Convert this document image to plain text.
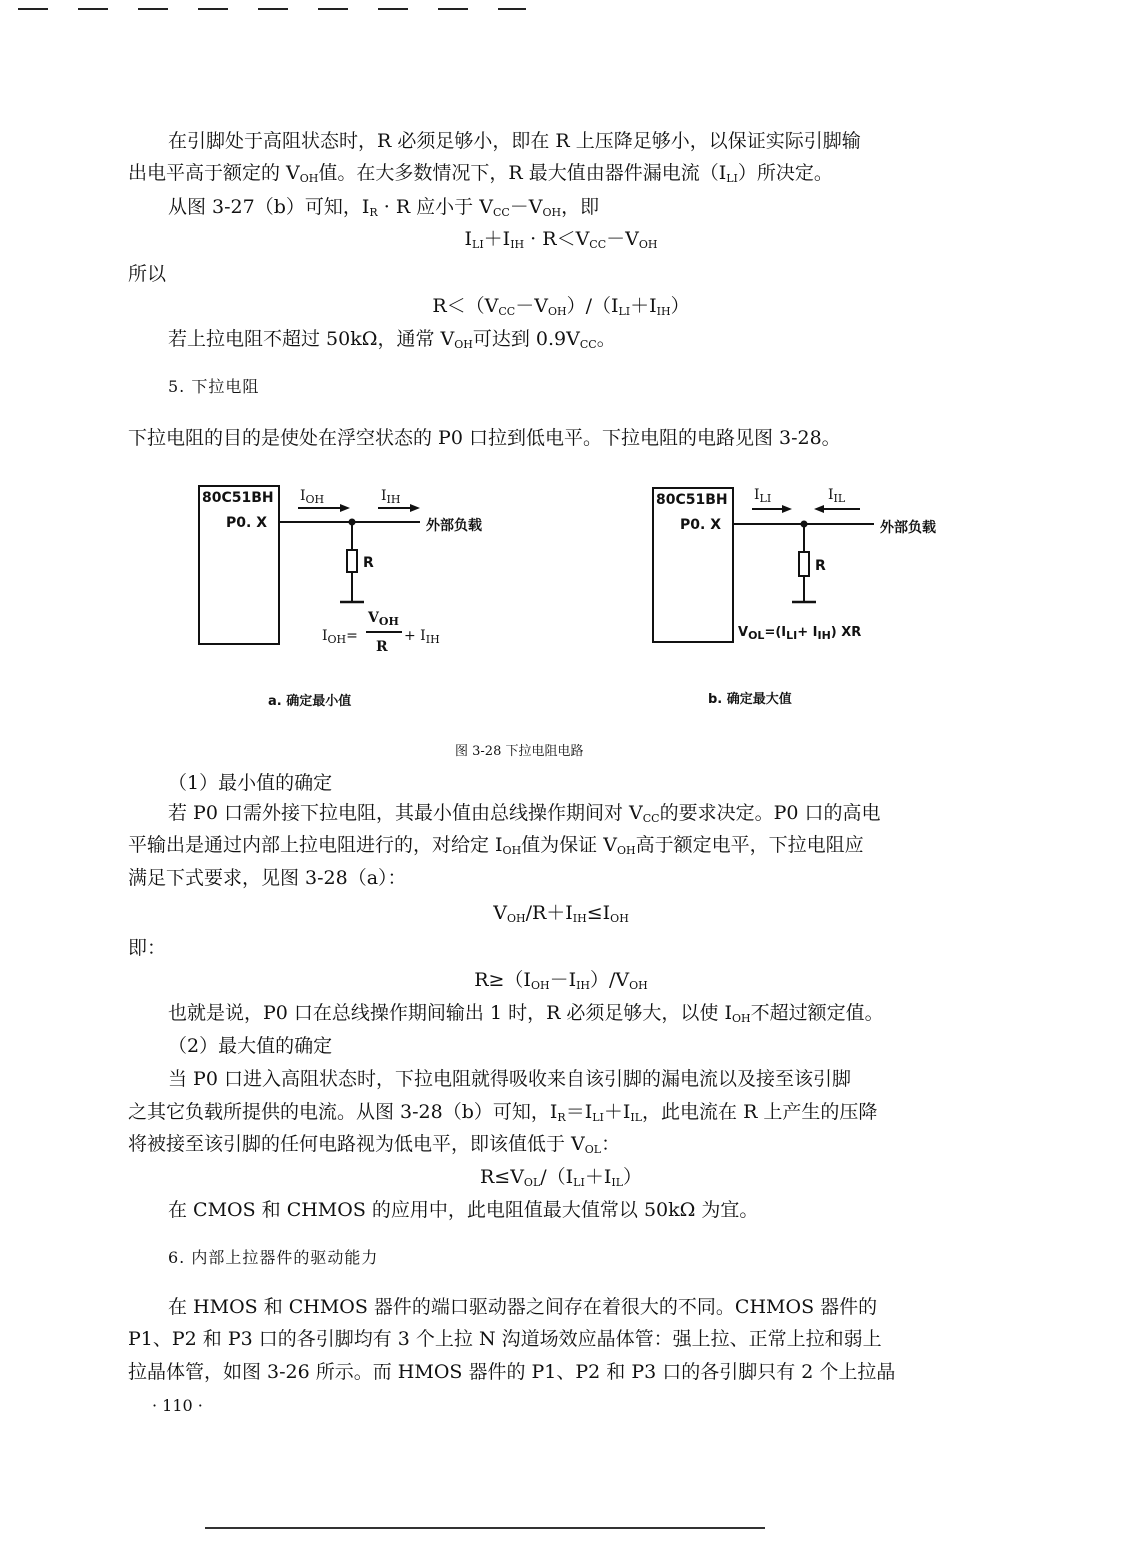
在引脚处于高阻状态时，R 必须足够小，即在 R 上压降足够小，以保证实际引脚输

出电平高于额定的 $V_{OH}$值。在大多数情况下，R 最大值由器件漏电流$(I_{LI})$所决定。

从图 3-27（b）可知，$I_R \cdot R$ 应小于 $V_{CC}-V_{OH}$，即

$I_{LI}+I_{IH} \cdot R<V_{CC}-V_{OH}$

所以

$R<(V_{CC}-V_{OH})/(I_{LI}+I_{IH})$

若上拉电阻不超过 50kΩ，通常 $V_{OH}$可达到 $0.9V_{CC}$。

5. 下拉电阻

下拉电阻的目的是使处在浮空状态的 P0 口拉到低电平。下拉电阻的电路见图 3-28。

80C51BH
P0. X
$I_{OH}$	$I_{IH}$
外部负载
R
$I_{OH}=$
$V_{OH}$
R
+ $I_{IH}$
a. 确定最小值
80C51BH
P0. X
$I_{LI}$	$I_{IL}$
外部负载
R
$V_{OL}=(I_{LI}+ I_{IH})$ XR
b. 确定最大值
图 3-28 下拉电阻电路

（1）最小值的确定

若 P0 口需外接下拉电阻，其最小值由总线操作期间对 $V_{CC}$的要求决定。P0 口的高电

平输出是通过内部上拉电阻进行的，对给定 $I_{OH}$值为保证 $V_{OH}$高于额定电平，下拉电阻应

满足下式要求，见图 3-28（a）：

$V_{OH}/R+I_{IH}\le I_{OH}$

即：

$R\ge(I_{OH}-I_{IH})/V_{OH}$

也就是说，P0 口在总线操作期间输出 1 时，R 必须足够大，以使 $I_{OH}$不超过额定值。

（2）最大值的确定

当 P0 口进入高阻状态时，下拉电阻就得吸收来自该引脚的漏电流以及接至该引脚

之其它负载所提供的电流。从图 3-28（b）可知，$I_R=I_{LI}+I_{IL}$，此电流在 R 上产生的压降

将被接至该引脚的任何电路视为低电平，即该值低于 $V_{OL}$：

$R\le V_{OL}/(I_{LI}+I_{IL})$

在 CMOS 和 CHMOS 的应用中，此电阻值最大值常以 50kΩ 为宜。

6. 内部上拉器件的驱动能力

在 HMOS 和 CHMOS 器件的端口驱动器之间存在着很大的不同。CHMOS 器件的

P1、P2 和 P3 口的各引脚均有 3 个上拉 N 沟道场效应晶体管：强上拉、正常上拉和弱上

拉晶体管，如图 3-26 所示。而 HMOS 器件的 P1、P2 和 P3 口的各引脚只有 2 个上拉晶

· 110 ·
